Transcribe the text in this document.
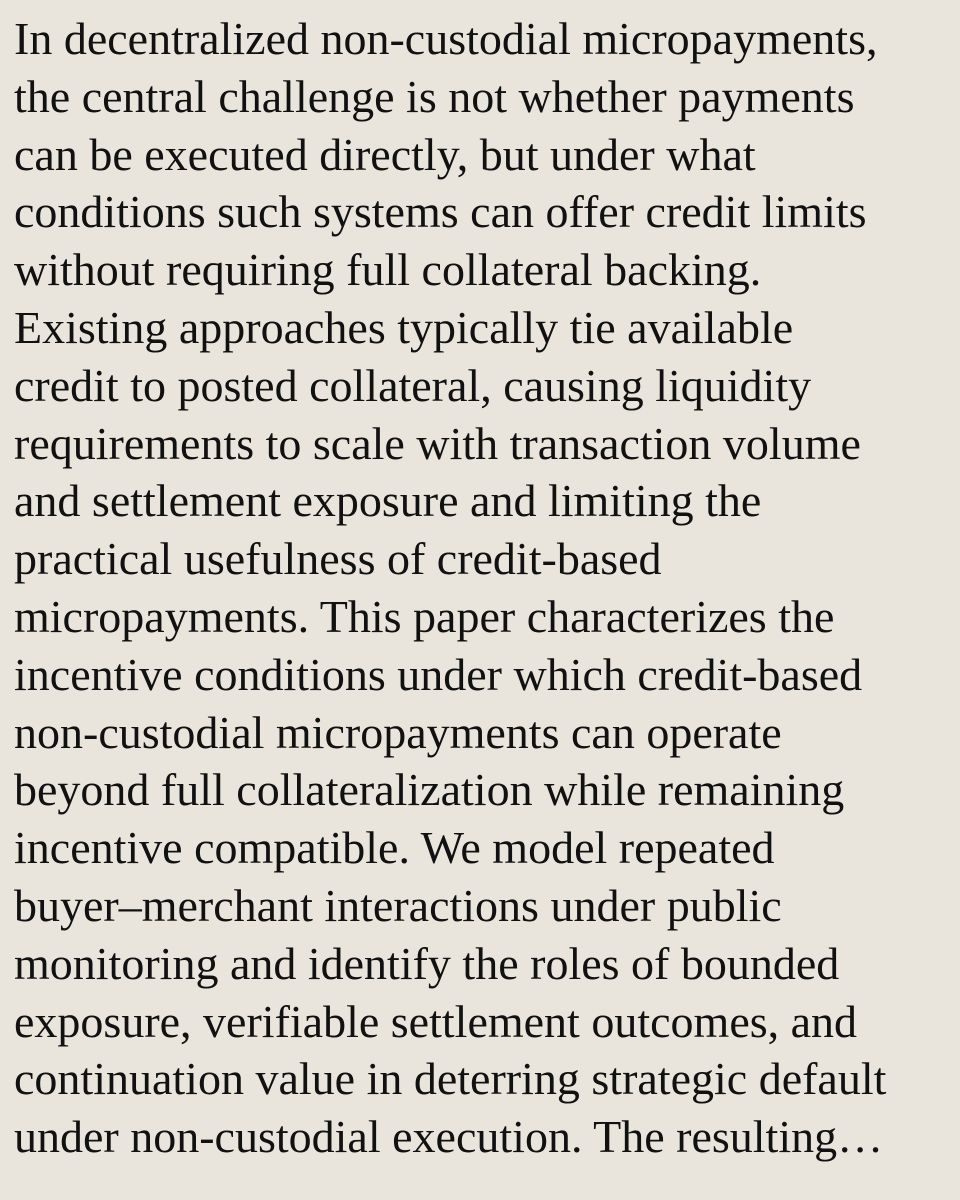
In decentralized non-custodial micropayments,
the central challenge is not whether payments
can be executed directly, but under what
conditions such systems can offer credit limits
without requiring full collateral backing.
Existing approaches typically tie available
credit to posted collateral, causing liquidity
requirements to scale with transaction volume
and settlement exposure and limiting the
practical usefulness of credit-based
micropayments. This paper characterizes the
incentive conditions under which credit-based
non-custodial micropayments can operate
beyond full collateralization while remaining
incentive compatible. We model repeated
buyer–merchant interactions under public
monitoring and identify the roles of bounded
exposure, verifiable settlement outcomes, and
continuation value in deterring strategic default
under non-custodial execution. The resulting…
